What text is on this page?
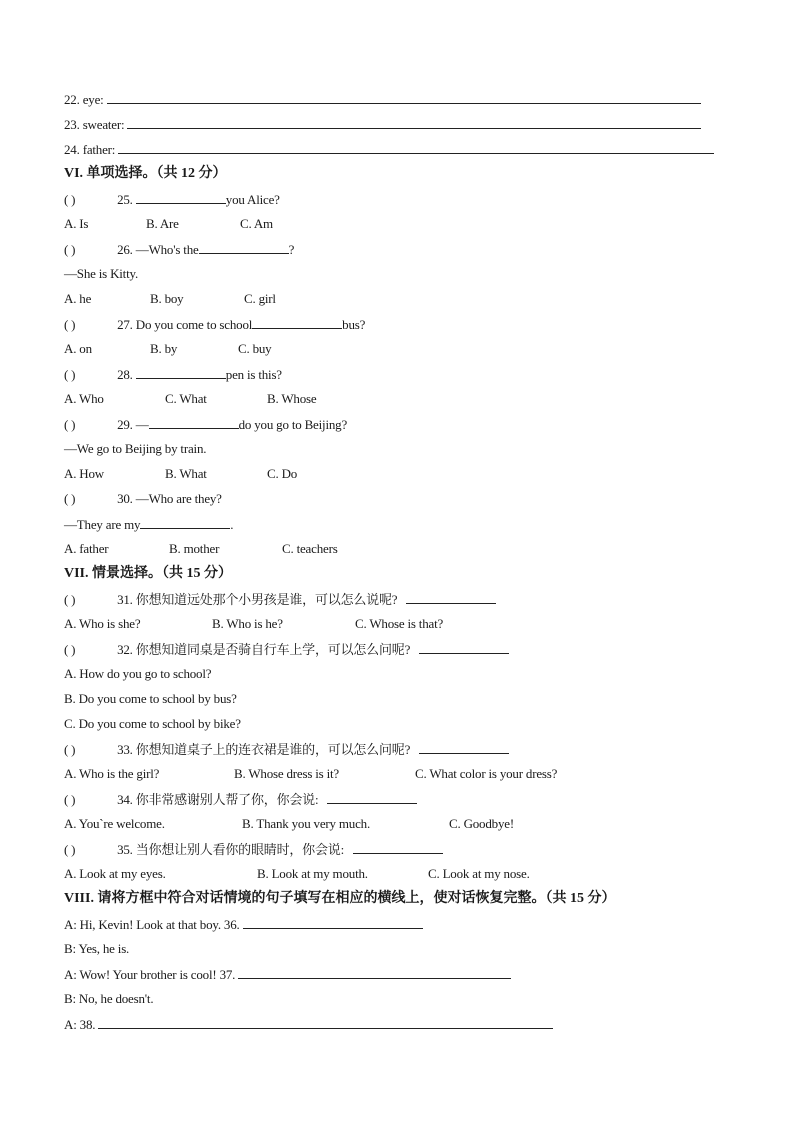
22. eye:
23. sweater:
24. father:
VI. 单项选择。（共 12 分）
( )	25.	you Alice?
A. Is	B. Are	C. Am
( )	26. —Who's the	?
—She is Kitty.
A. he	B. boy	C. girl
( )	27. Do you come to school	bus?
A. on	B. by	C. buy
( )	28.	pen is this?
A. Who	C. What	B. Whose
( )	29. —	do you go to Beijing?
—We go to Beijing by train.
A. How	B. What	C. Do
( )	30. —Who are they?
—They are my	.
A. father	B. mother	C. teachers
VII. 情景选择。（共 15 分）
( )	31. 你想知道远处那个小男孩是谁，可以怎么说呢?
A. Who is she?	B. Who is he?	C. Whose is that?
( )	32. 你想知道同桌是否骑自行车上学，可以怎么问呢?
A. How do you go to school?
B. Do you come to school by bus?
C. Do you come to school by bike?
( )	33. 你想知道桌子上的连衣裙是谁的，可以怎么问呢?
A. Who is the girl?	B. Whose dress is it?	C. What color is your dress?
( )	34. 你非常感谢别人帮了你，你会说:
A. You`re welcome.	B. Thank you very much.	C. Goodbye!
( )	35. 当你想让别人看你的眼睛时，你会说:
A. Look at my eyes.	B. Look at my mouth.	C. Look at my nose.
VIII. 请将方框中符合对话情境的句子填写在相应的横线上，使对话恢复完整。（共 15 分）
A: Hi, Kevin! Look at that boy. 36.
B: Yes, he is.
A: Wow! Your brother is cool! 37.
B: No, he doesn't.
A: 38.
